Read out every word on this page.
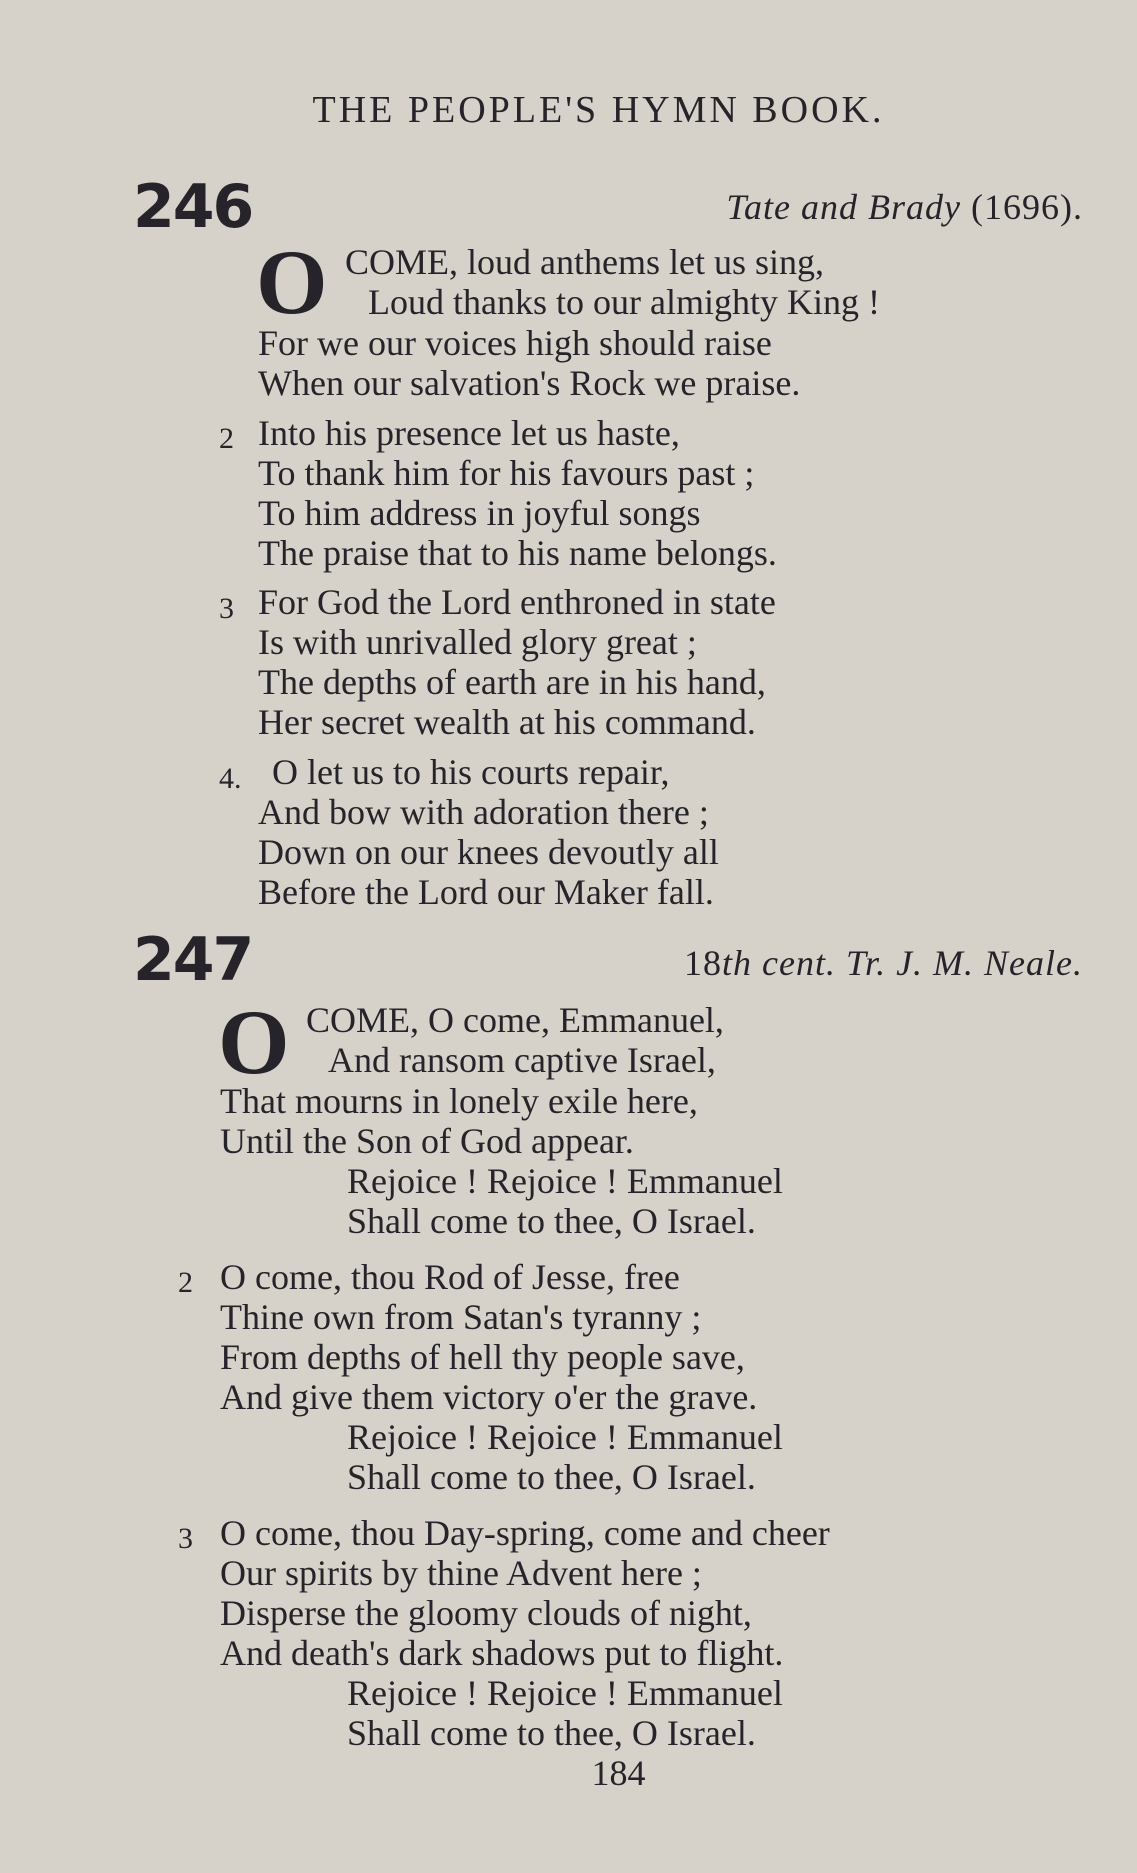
THE PEOPLE'S HYMN BOOK.
246	Tate and Brady (1696).
O COME, loud anthems let us sing,
Loud thanks to our almighty King !
For we our voices high should raise
When our salvation's Rock we praise.
2 Into his presence let us haste,
To thank him for his favours past ;
To him address in joyful songs
The praise that to his name belongs.
3 For God the Lord enthroned in state
Is with unrivalled glory great ;
The depths of earth are in his hand,
Her secret wealth at his command.
4. O let us to his courts repair,
And bow with adoration there ;
Down on our knees devoutly all
Before the Lord our Maker fall.
247	18th cent. Tr. J. M. Neale.
O COME, O come, Emmanuel,
And ransom captive Israel,
That mourns in lonely exile here,
Until the Son of God appear.
Rejoice ! Rejoice ! Emmanuel
Shall come to thee, O Israel.
2 O come, thou Rod of Jesse, free
Thine own from Satan's tyranny ;
From depths of hell thy people save,
And give them victory o'er the grave.
Rejoice ! Rejoice ! Emmanuel
Shall come to thee, O Israel.
3 O come, thou Day-spring, come and cheer
Our spirits by thine Advent here ;
Disperse the gloomy clouds of night,
And death's dark shadows put to flight.
Rejoice ! Rejoice ! Emmanuel
Shall come to thee, O Israel.
184
